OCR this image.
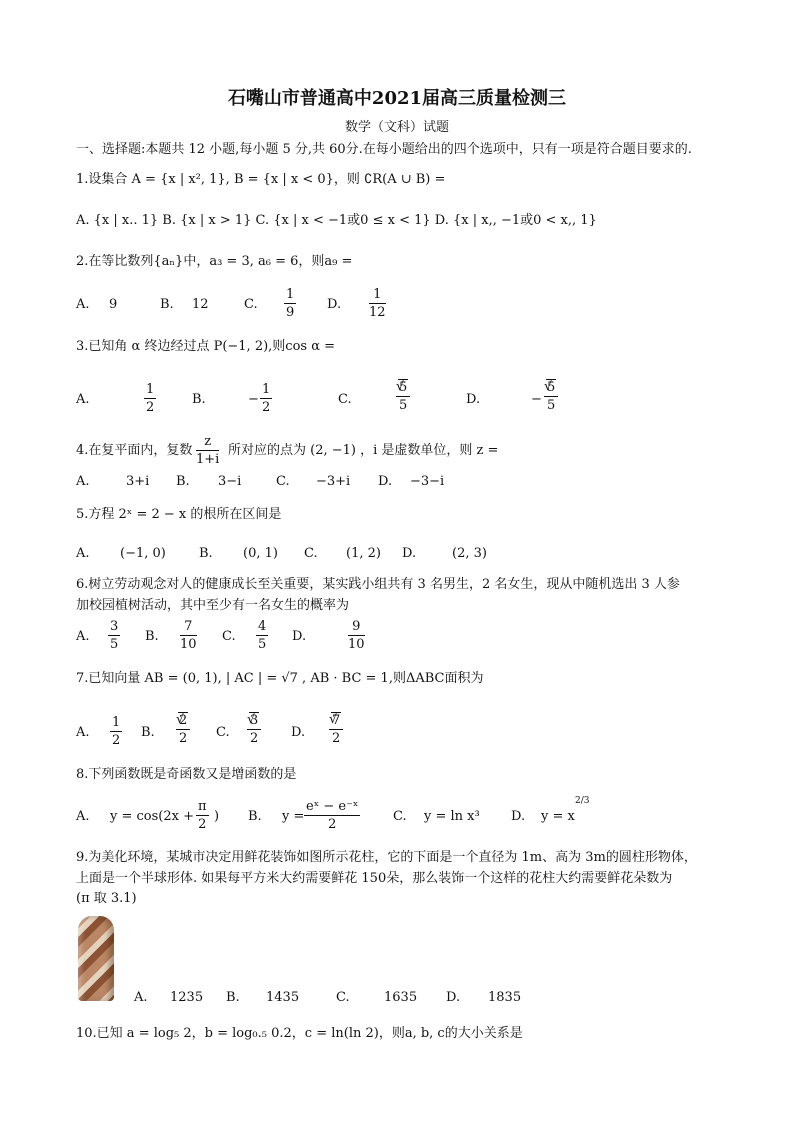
石嘴山市普通高中2021届高三质量检测三
数学（文科）试题
一、选择题:本题共 12 小题,每小题 5 分,共 60分.在每小题给出的四个选项中，只有一项是符合题目要求的.
1.设集合 A = {x | x², 1}, B = {x | x < 0}，则 ∁R(A ∪ B) =
A. {x | x.. 1} B. {x | x > 1} C. {x | x < −1或0 ≤ x < 1} D. {x | x,, −1或0 < x,, 1}
2.在等比数列{aₙ}中，a₃ = 3, a₆ = 6，则a₉ =
A. 9	B. 12	C.
1
9
D.
1
12
3.已知角 α 终边经过点 P(−1, 2),则cos α =
A.
1
2
B.	−
1
2
C.
√ 5
5	D.	−
√ 5
5
4.在复平面内，复数
z
1+i
所对应的点为 (2, −1) ，i 是虚数单位，则 z =
A.	3+i B. 3−i	C. −3+i D. −3−i
5.方程 2ˣ = 2 − x 的根所在区间是
A. (−1, 0)	B. (0, 1) C. (1, 2) D.	(2, 3)
6.树立劳动观念对人的健康成长至关重要，某实践小组共有 3 名男生，2 名女生，现从中随机选出 3 人参
加校园植树活动，其中至少有一名女生的概率为
A.
3
5
B.
7
10
C.
4
5
D.
9
10
7.已知向量 AB = (0, 1), | AC | = √7 , AB · BC = 1,则ΔABC面积为
A.
1
2
B.
√ 2
2 C.
√ 3
2	D.
√ 7
2
8.下列函数既是奇函数又是增函数的是
A. y = cos(2x +
π
2
) B. y =
eˣ − e⁻ˣ
2
C. y = ln x³ D. y = x
2/3
9.为美化环境，某城市决定用鲜花装饰如图所示花柱，它的下面是一个直径为 1m、高为 3m的圆柱形物体，
上面是一个半球形体. 如果每平方米大约需要鲜花 150朵，那么装饰一个这样的花柱大约需要鲜花朵数为
(π 取 3.1)
A. 1235 B. 1435	C.	1635 D. 1835
10.已知 a = log₅ 2，b = log₀.₅ 0.2，c = ln(ln 2)，则a, b, c的大小关系是
